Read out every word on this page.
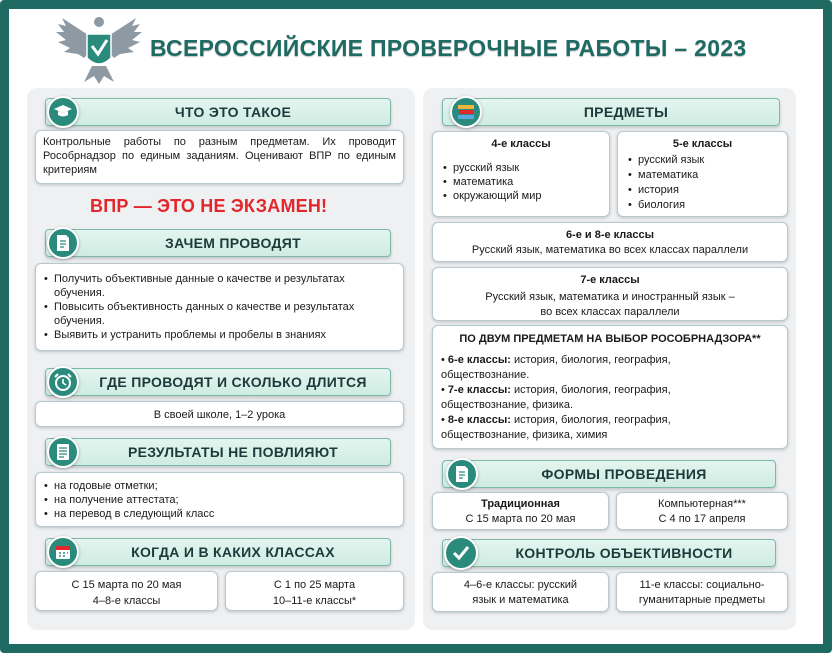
ВСЕРОССИЙСКИЕ ПРОВЕРОЧНЫЕ РАБОТЫ – 2023
ЧТО ЭТО ТАКОЕ
Контрольные работы по разным предметам. Их проводит Рособрнадзор по единым заданиям. Оценивают ВПР по единым критериям
ВПР — ЭТО НЕ ЭКЗАМЕН!
ЗАЧЕМ ПРОВОДЯТ
• Получить объективные данные о качестве и результатах обучения.
• Повысить объективность данных о качестве и результатах обучения.
• Выявить и устранить проблемы и пробелы в знаниях
ГДЕ ПРОВОДЯТ И СКОЛЬКО ДЛИТСЯ
В своей школе, 1–2 урока
РЕЗУЛЬТАТЫ НЕ ПОВЛИЯЮТ
• на годовые отметки;
• на получение аттестата;
• на перевод в следующий класс
КОГДА И В КАКИХ КЛАССАХ
С 15 марта по 20 мая
4–8-е классы
С 1 по 25 марта
10–11-е классы*
ПРЕДМЕТЫ
4-е классы
• русский язык
• математика
• окружающий мир
5-е классы
• русский язык
• математика
• история
• биология
6-е и 8-е классы
Русский язык, математика во всех классах параллели
7-е классы
Русский язык, математика и иностранный язык –
во всех классах параллели
ПО ДВУМ ПРЕДМЕТАМ НА ВЫБОР РОСОБРНАДЗОРА**
• 6-е классы: история, биология, география,
обществознание.
• 7-е классы: история, биология, география,
обществознание, физика.
• 8-е классы: история, биология, география,
обществознание, физика, химия
ФОРМЫ ПРОВЕДЕНИЯ
Традиционная
С 15 марта по 20 мая
Компьютерная***
С 4 по 17 апреля
КОНТРОЛЬ ОБЪЕКТИВНОСТИ
4–6-е классы: русский
язык и математика
11-е классы: социально-
гуманитарные предметы
